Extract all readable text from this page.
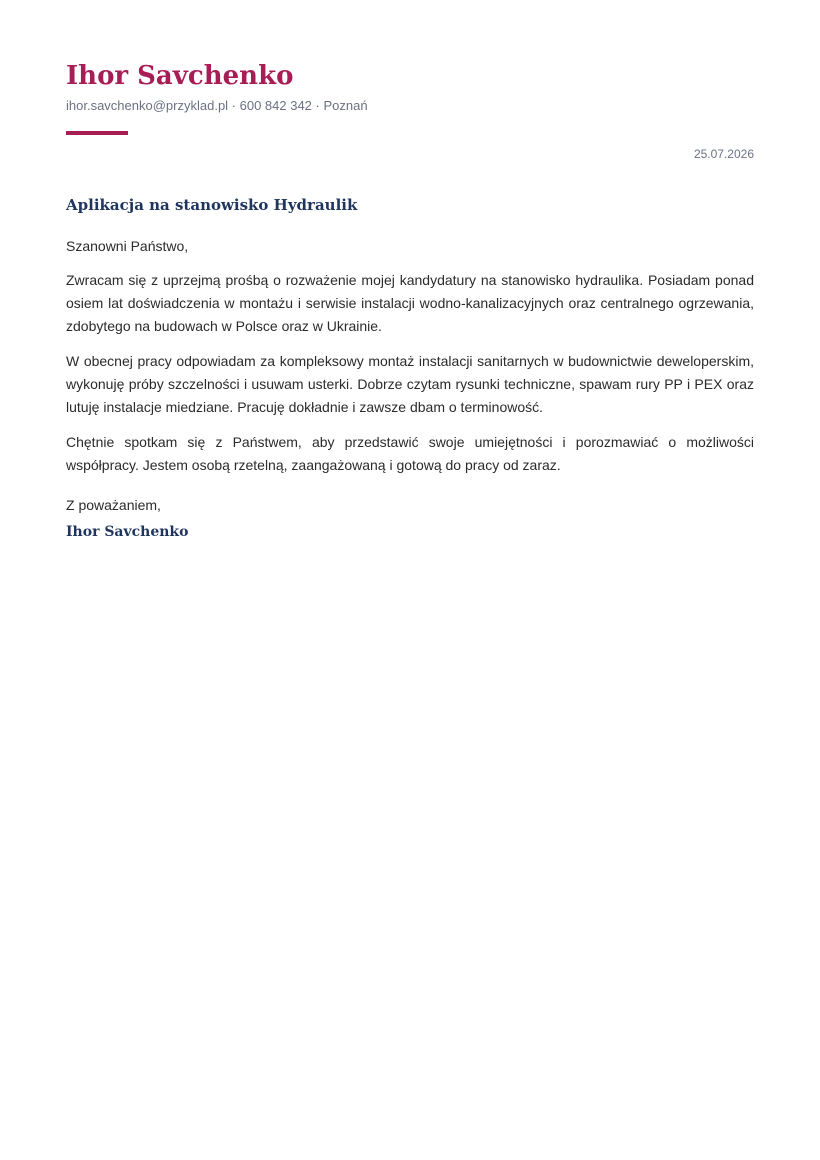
Ihor Savchenko
ihor.savchenko@przyklad.pl · 600 842 342 · Poznań
25.07.2026
Aplikacja na stanowisko Hydraulik

Szanowni Państwo,

Zwracam się z uprzejmą prośbą o rozważenie mojej kandydatury na stanowisko hydraulika. Posiadam ponad osiem lat doświadczenia w montażu i serwisie instalacji wodno-kanalizacyjnych oraz centralnego ogrzewania, zdobytego na budowach w Polsce oraz w Ukrainie.

W obecnej pracy odpowiadam za kompleksowy montaż instalacji sanitarnych w budownictwie deweloperskim, wykonuję próby szczelności i usuwam usterki. Dobrze czytam rysunki techniczne, spawam rury PP i PEX oraz lutuję instalacje miedziane. Pracuję dokładnie i zawsze dbam o terminowość.

Chętnie spotkam się z Państwem, aby przedstawić swoje umiejętności i porozmawiać o możliwości współpracy. Jestem osobą rzetelną, zaangażowaną i gotową do pracy od zaraz.

Z poważaniem,
Ihor Savchenko
